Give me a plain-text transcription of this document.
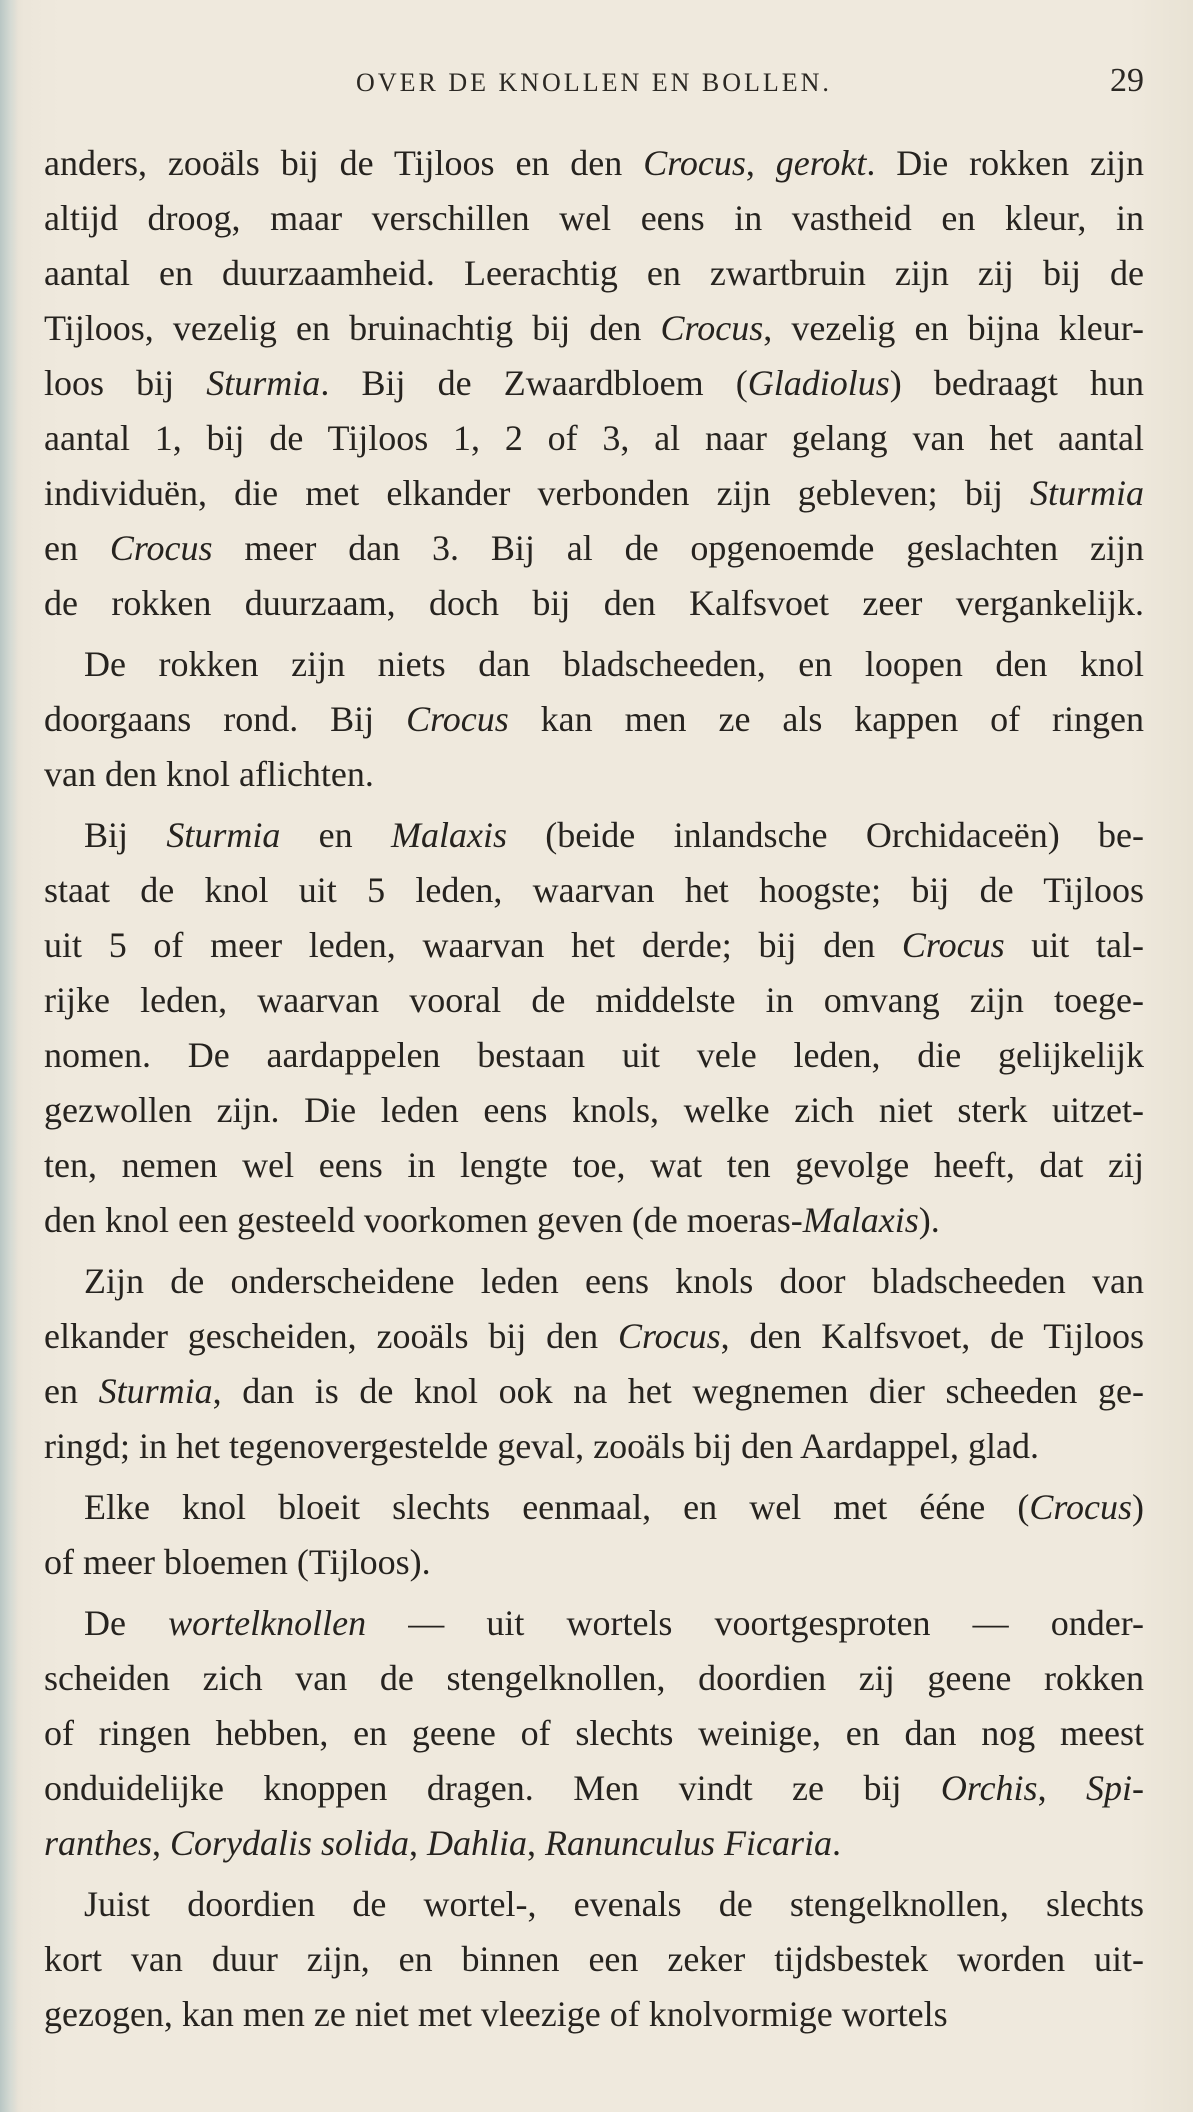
OVER DE KNOLLEN EN BOLLEN.	29

anders, zooäls bij de Tijloos en den Crocus, gerokt. Die rokken zijn

altijd droog, maar verschillen wel eens in vastheid en kleur, in

aantal en duurzaamheid. Leerachtig en zwartbruin zijn zij bij de

Tijloos, vezelig en bruinachtig bij den Crocus, vezelig en bijna kleur-

loos bij Sturmia. Bij de Zwaardbloem (Gladiolus) bedraagt hun

aantal 1, bij de Tijloos 1, 2 of 3, al naar gelang van het aantal

individuën, die met elkander verbonden zijn gebleven; bij Sturmia

en Crocus meer dan 3. Bij al de opgenoemde geslachten zijn

de rokken duurzaam, doch bij den Kalfsvoet zeer vergankelijk.

De rokken zijn niets dan bladscheeden, en loopen den knol

doorgaans rond. Bij Crocus kan men ze als kappen of ringen

van den knol aflichten.

Bij Sturmia en Malaxis (beide inlandsche Orchidaceën) be-

staat de knol uit 5 leden, waarvan het hoogste; bij de Tijloos

uit 5 of meer leden, waarvan het derde; bij den Crocus uit tal-

rijke leden, waarvan vooral de middelste in omvang zijn toege-

nomen. De aardappelen bestaan uit vele leden, die gelijkelijk

gezwollen zijn. Die leden eens knols, welke zich niet sterk uitzet-

ten, nemen wel eens in lengte toe, wat ten gevolge heeft, dat zij

den knol een gesteeld voorkomen geven (de moeras-Malaxis).

Zijn de onderscheidene leden eens knols door bladscheeden van

elkander gescheiden, zooäls bij den Crocus, den Kalfsvoet, de Tijloos

en Sturmia, dan is de knol ook na het wegnemen dier scheeden ge-

ringd; in het tegenovergestelde geval, zooäls bij den Aardappel, glad.

Elke knol bloeit slechts eenmaal, en wel met ééne (Crocus)

of meer bloemen (Tijloos).

De wortelknollen — uit wortels voortgesproten — onder-

scheiden zich van de stengelknollen, doordien zij geene rokken

of ringen hebben, en geene of slechts weinige, en dan nog meest

onduidelijke knoppen dragen. Men vindt ze bij Orchis, Spi-

ranthes, Corydalis solida, Dahlia, Ranunculus Ficaria.

Juist doordien de wortel-, evenals de stengelknollen, slechts

kort van duur zijn, en binnen een zeker tijdsbestek worden uit-

gezogen, kan men ze niet met vleezige of knolvormige wortels
